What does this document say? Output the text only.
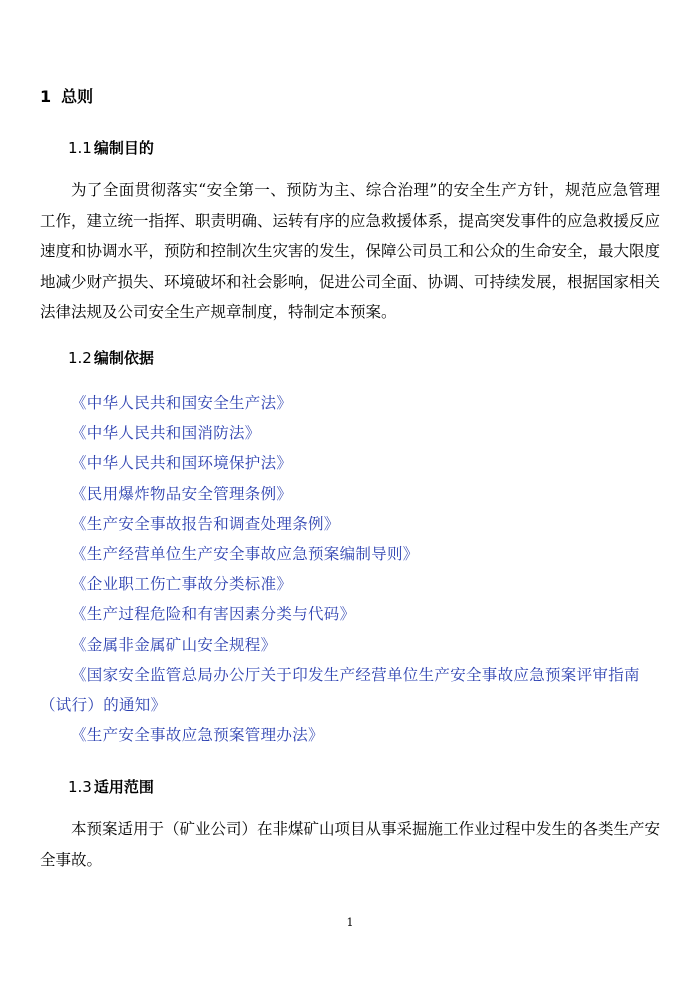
1 总则
1.1 编制目的

为了全面贯彻落实“安全第一、预防为主、综合治理”的安全生产方针，规范应急管理工作，建立统一指挥、职责明确、运转有序的应急救援体系，提高突发事件的应急救援反应速度和协调水平，预防和控制次生灾害的发生，保障公司员工和公众的生命安全，最大限度地减少财产损失、环境破坏和社会影响，促进公司全面、协调、可持续发展，根据国家相关法律法规及公司安全生产规章制度，特制定本预案。

1.2 编制依据
《中华人民共和国安全生产法》
《中华人民共和国消防法》
《中华人民共和国环境保护法》
《民用爆炸物品安全管理条例》
《生产安全事故报告和调查处理条例》
《生产经营单位生产安全事故应急预案编制导则》
《企业职工伤亡事故分类标准》
《生产过程危险和有害因素分类与代码》
《金属非金属矿山安全规程》
《国家安全监管总局办公厅关于印发生产经营单位生产安全事故应急预案评审指南（试行）的通知》
《生产安全事故应急预案管理办法》
1.3 适用范围

本预案适用于（矿业公司）在非煤矿山项目从事采掘施工作业过程中发生的各类生产安全事故。

1
